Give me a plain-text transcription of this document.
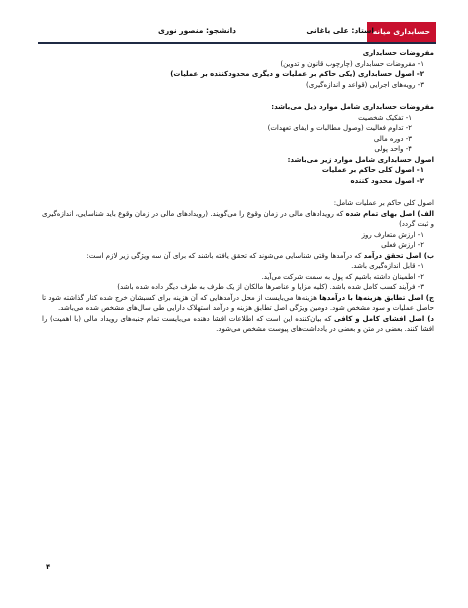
حسابداری میانه
استاد: علی باغانی
دانشجو: منصور نوری

مفروضات حسابداری

۱- مفروضات حسابداری (چارچوب قانون و تدوین)

۲- اصول حسابداری (یکی حاکم بر عملیات و دیگری محدودکننده بر عملیات)

۳- رویه‌های اجرایی (قواعد و اندازه‌گیری)

مفروضات حسابداری شامل موارد ذیل می‌باشد:

۱- تفکیک شخصیت

۲- تداوم فعالیت (وصول مطالبات و ایفای تعهدات)

۳- دوره مالی

۴- واحد پولی

اصول حسابداری شامل موارد زیر می‌باشد:

۱- اصول کلی حاکم بر عملیات

۲- اصول محدود کننده

اصول کلی حاکم بر عملیات شامل:

الف) اصل بهای تمام شده که رویدادهای مالی در زمان وقوع را می‌گویند. (رویدادهای مالی در زمان وقوع باید شناسایی، اندازه‌گیری و ثبت گردد)

۱- ارزش متعارف روز

۲- ارزش فعلی

ب) اصل تحقق درآمد که درآمدها وقتی شناسایی می‌شوند که تحقق یافته باشند که برای آن سه ویژگی زیر لازم است:

۱- قابل اندازه‌گیری باشد.

۲- اطمینان داشته باشیم که پول به سمت شرکت می‌آید.

۳- فرآیند کسب کامل شده باشد. (کلیه مزایا و عناصرها مالکان از یک طرف به طرف دیگر داده شده باشد)

ج) اصل تطابق هزینه‌ها با درآمدها هزینه‌ها می‌بایست از محل درآمدهایی که آن هزینه برای کسبشان خرج شده کنار گذاشته شود تا حاصل عملیات و سود مشخص شود. دومین ویژگی اصل تطابق هزینه و درآمد استهلاک دارایی طی سال‌های مشخص شده می‌باشد.

د) اصل افشای کامل و کافی که بیان‌کننده این است که اطلاعات افشا دهنده می‌بایست تمام جنبه‌های رویداد مالی (با اهمیت) را افشا کنند. بعضی در متن و بعضی در یادداشت‌های پیوست مشخص می‌شود.

۴
